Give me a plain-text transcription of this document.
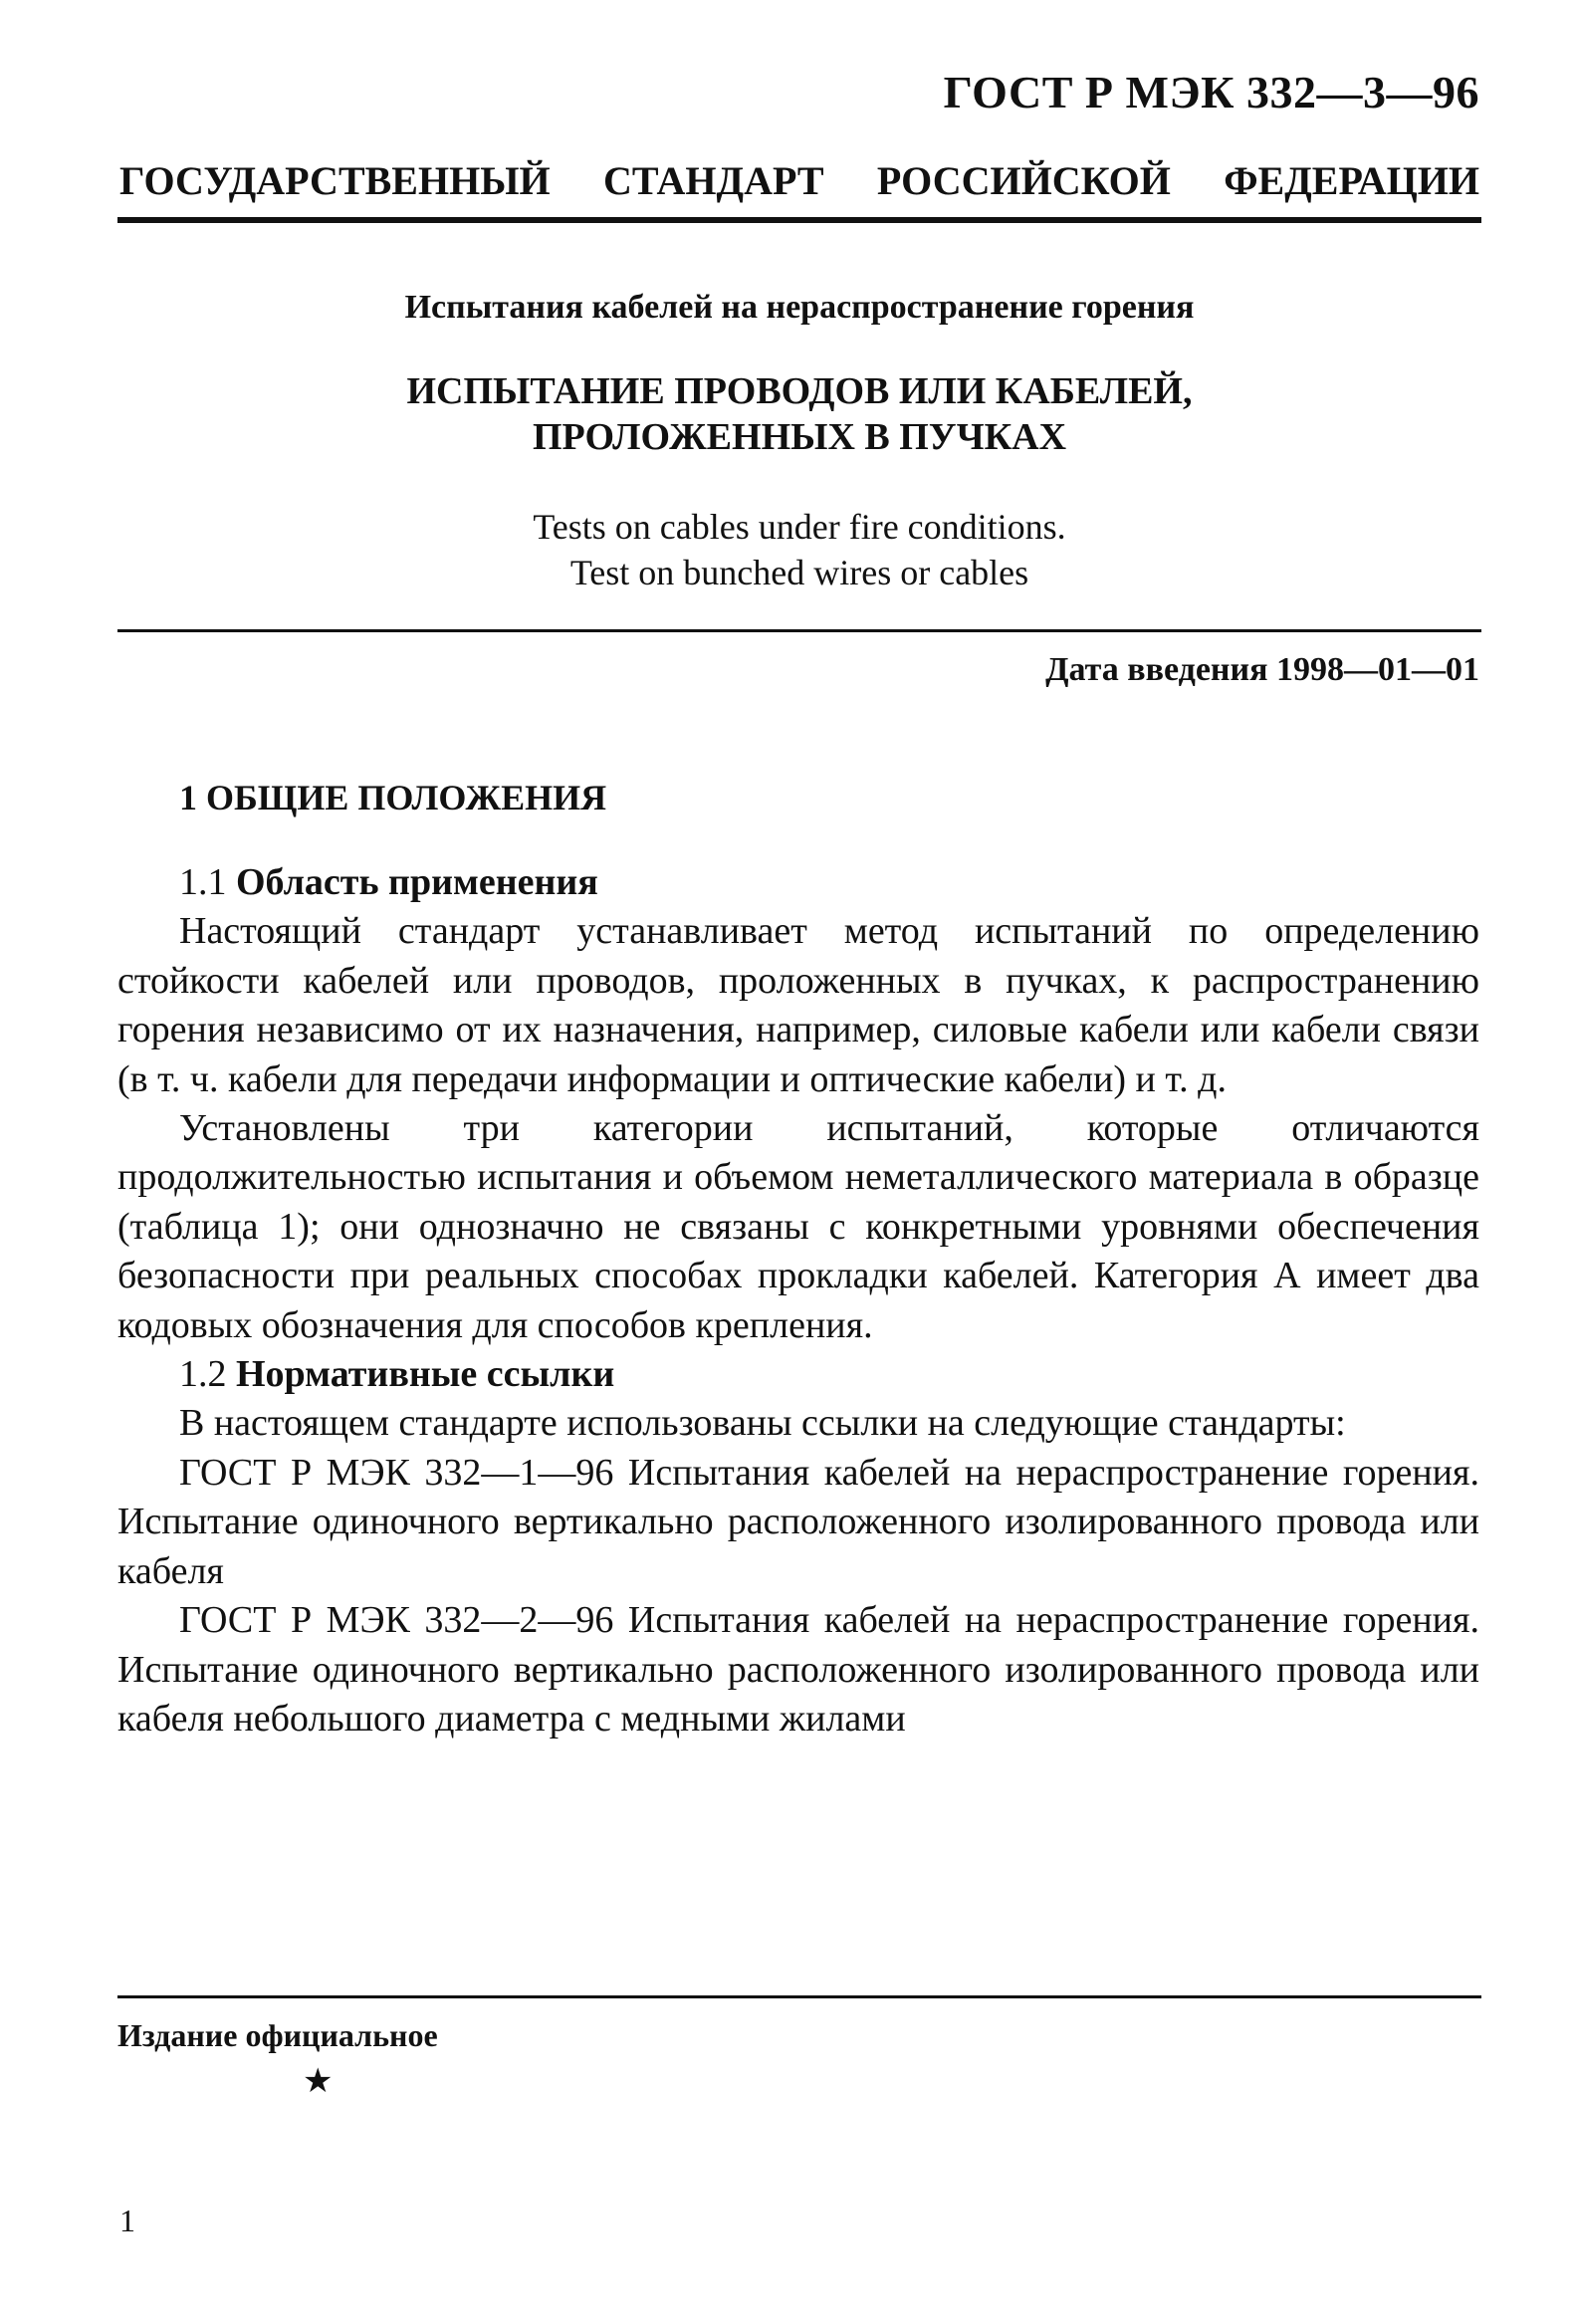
ГОСТ Р МЭК 332—3—96
ГОСУДАРСТВЕННЫЙ СТАНДАРТ РОССИЙСКОЙ ФЕДЕРАЦИИ
Испытания кабелей на нераспространение горения
ИСПЫТАНИЕ ПРОВОДОВ ИЛИ КАБЕЛЕЙ,
ПРОЛОЖЕННЫХ В ПУЧКАХ
Tests on cables under fire conditions.
Test on bunched wires or cables
Дата введения 1998—01—01
1 ОБЩИЕ ПОЛОЖЕНИЯ

1.1 Область применения

Настоящий стандарт устанавливает метод испытаний по определению стойкости кабелей или проводов, проложенных в пучках, к распространению горения независимо от их назначения, например, силовые кабели или кабели связи (в т. ч. кабели для передачи информации и оптические кабели) и т. д.

Установлены три категории испытаний, которые отличаются продолжительностью испытания и объемом неметаллического материала в образце (таблица 1); они однозначно не связаны с конкретными уровнями обеспечения безопасности при реальных способах прокладки кабелей. Категория А имеет два кодовых обозначения для способов крепления.

1.2 Нормативные ссылки

В настоящем стандарте использованы ссылки на следующие стандарты:

ГОСТ Р МЭК 332—1—96 Испытания кабелей на нераспространение горения. Испытание одиночного вертикально расположенного изолированного провода или кабеля

ГОСТ Р МЭК 332—2—96 Испытания кабелей на нераспространение горения. Испытание одиночного вертикально расположенного изолированного провода или кабеля небольшого диаметра с медными жилами

Издание официальное
★
1
